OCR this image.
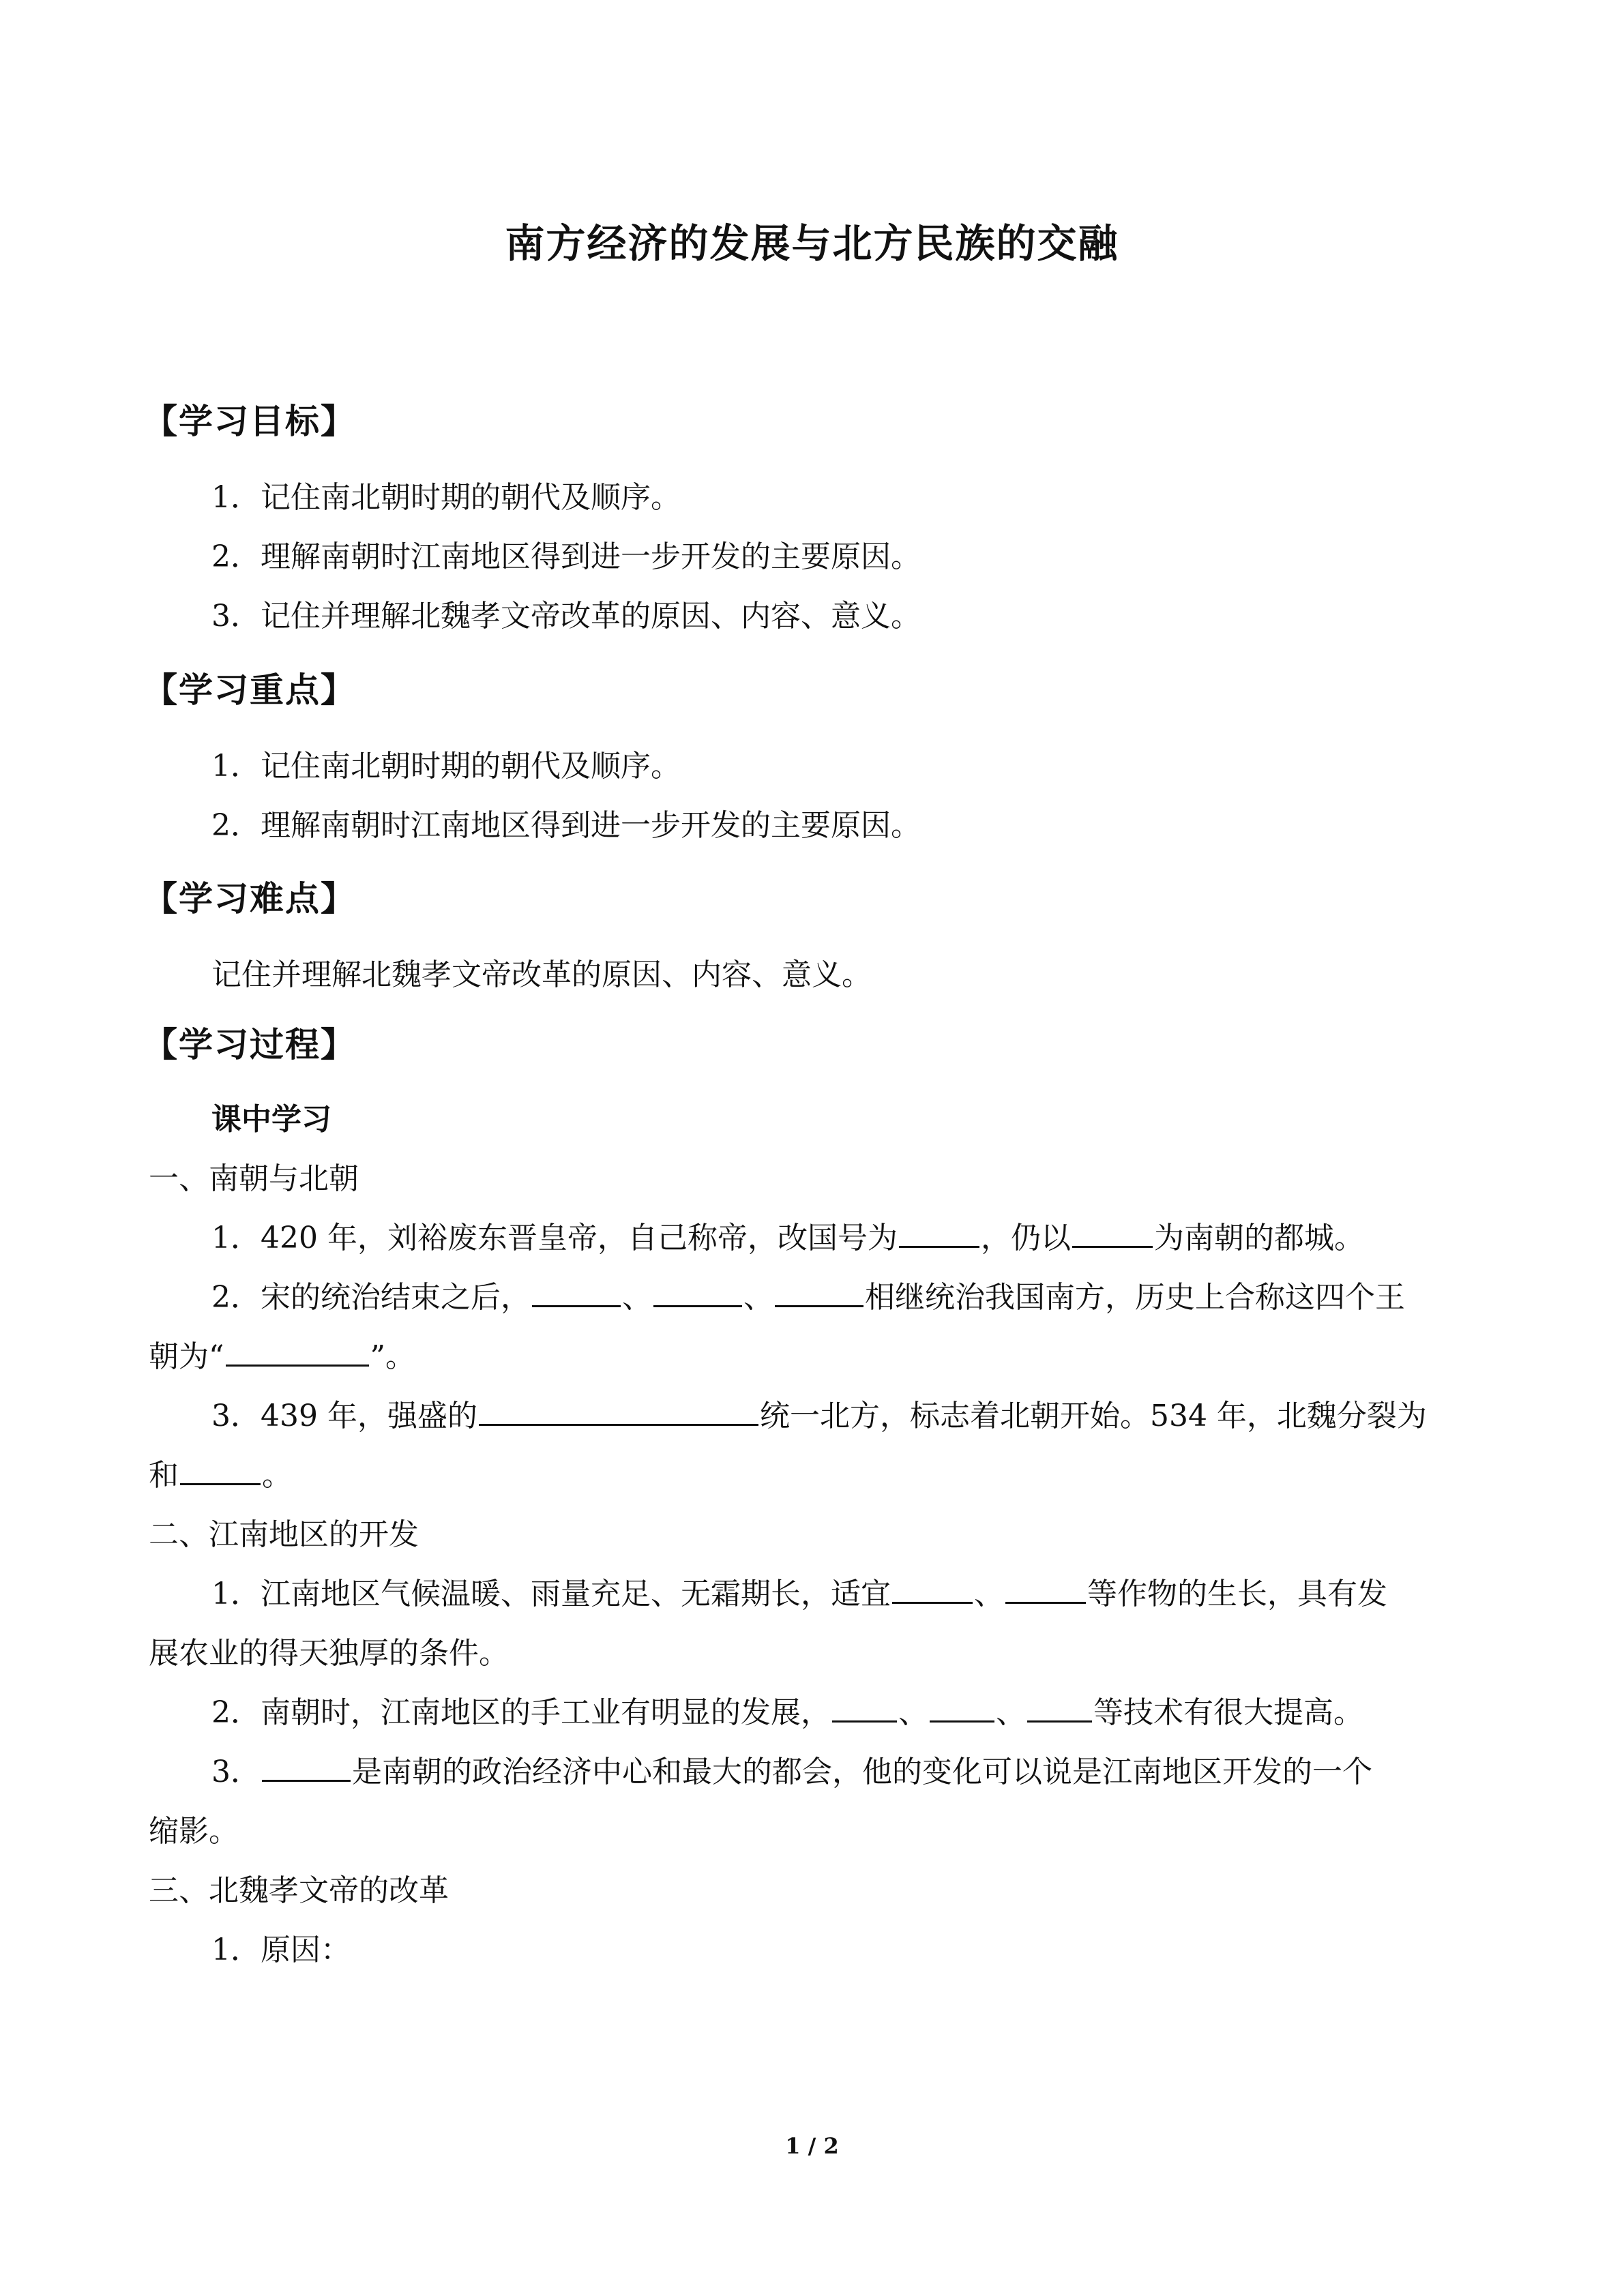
南方经济的发展与北方民族的交融
【学习目标】
1．记住南北朝时期的朝代及顺序。
2．理解南朝时江南地区得到进一步开发的主要原因。
3．记住并理解北魏孝文帝改革的原因、内容、意义。
【学习重点】
1．记住南北朝时期的朝代及顺序。
2．理解南朝时江南地区得到进一步开发的主要原因。
【学习难点】
记住并理解北魏孝文帝改革的原因、内容、意义。
【学习过程】
课中学习
一、南朝与北朝
1．420 年，刘裕废东晋皇帝，自己称帝，改国号为	，仍以	为南朝的都城。
2．宋的统治结束之后，	、	、	相继统治我国南方，历史上合称这四个王
朝为“	”。
3．439 年，强盛的	统一北方，标志着北朝开始。534 年，北魏分裂为
和	。
二、江南地区的开发
1．江南地区气候温暖、雨量充足、无霜期长，适宜	、	等作物的生长，具有发
展农业的得天独厚的条件。
2．南朝时，江南地区的手工业有明显的发展， 、 、 等技术有很大提高。
3．	是南朝的政治经济中心和最大的都会，他的变化可以说是江南地区开发的一个
缩影。
三、北魏孝文帝的改革
1．原因：
1 / 2
